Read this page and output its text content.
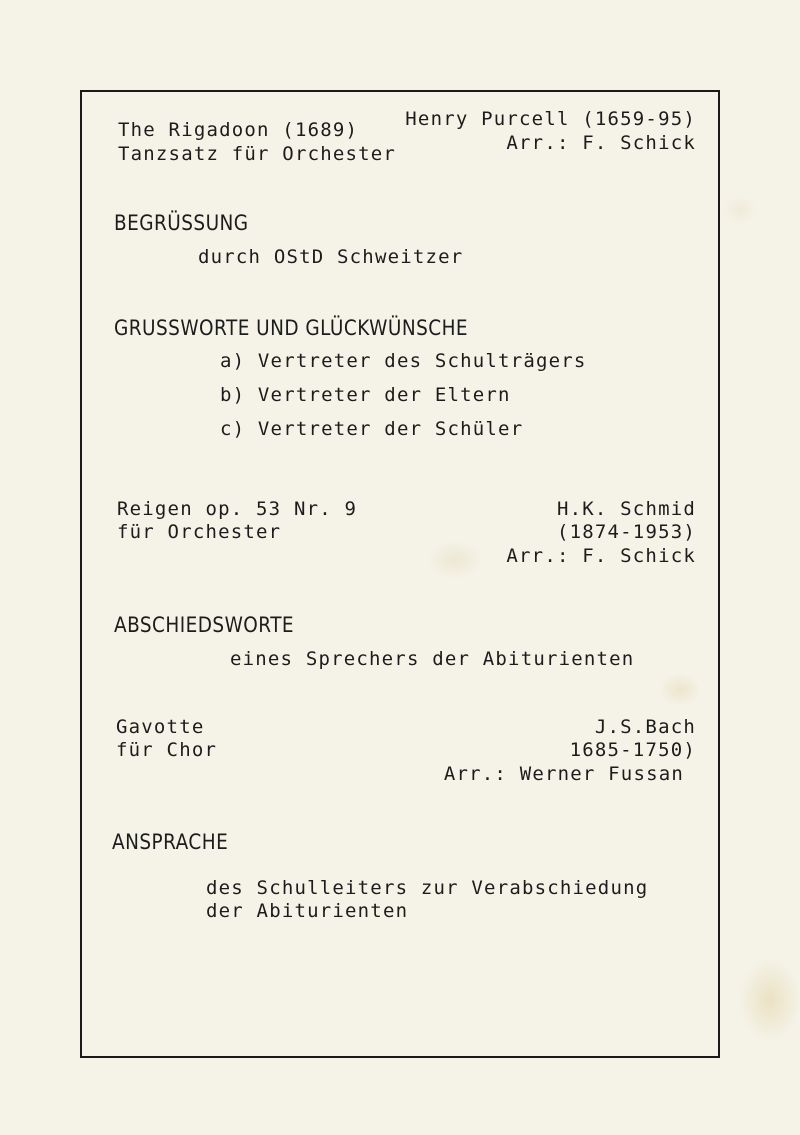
The Rigadoon (1689)
Tanzsatz für Orchester
Henry Purcell (1659-95)
Arr.: F. Schick
BEGRÜSSUNG
durch OStD Schweitzer
GRUSSWORTE UND GLÜCKWÜNSCHE
a) Vertreter des Schulträgers
b) Vertreter der Eltern
c) Vertreter der Schüler
Reigen op. 53 Nr. 9
für Orchester
H.K. Schmid
(1874-1953)
Arr.: F. Schick
ABSCHIEDSWORTE
eines Sprechers der Abiturienten
Gavotte
für Chor
J.S.Bach
1685-1750)
Arr.: Werner Fussan
ANSPRACHE
des Schulleiters zur Verabschiedung
der Abiturienten
